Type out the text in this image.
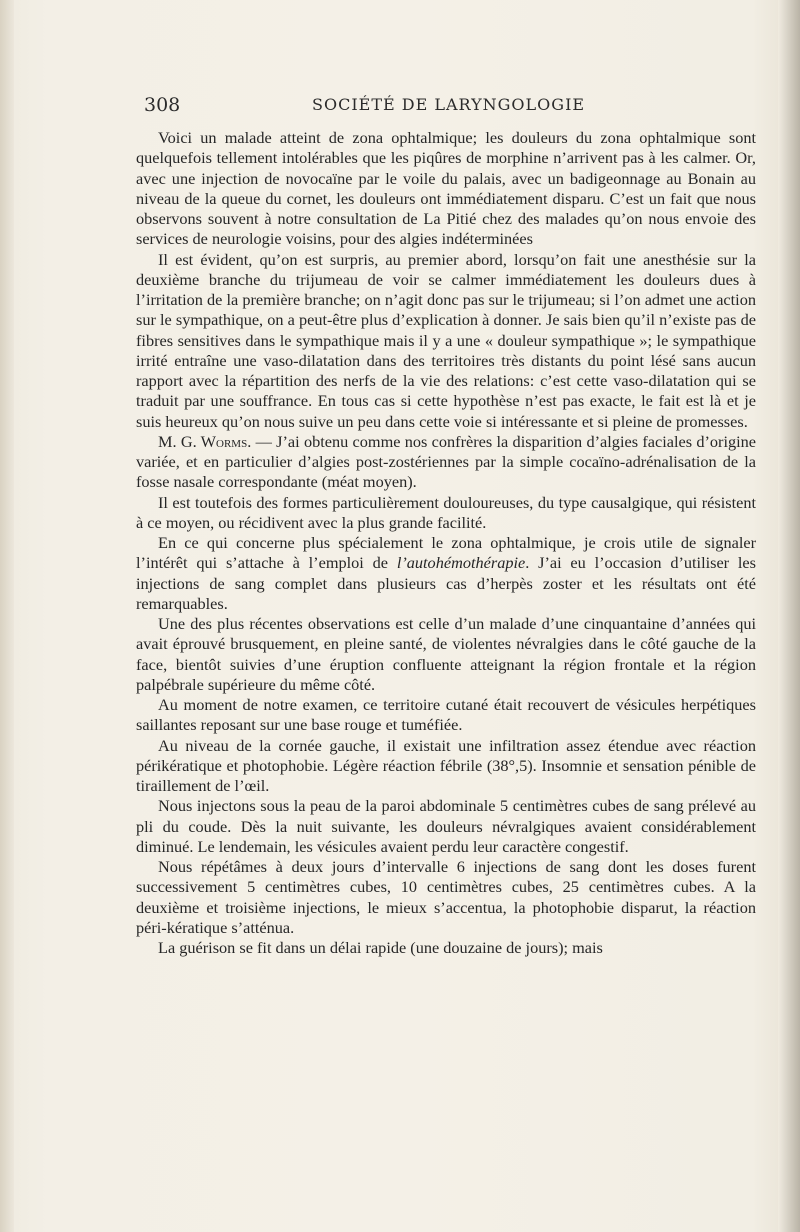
308	SOCIÉTÉ DE LARYNGOLOGIE

Voici un malade atteint de zona ophtalmique; les douleurs du zona ophtalmique sont quelquefois tellement intolérables que les piqûres de morphine n’arrivent pas à les calmer. Or, avec une injection de novocaïne par le voile du palais, avec un badigeonnage au Bonain au niveau de la queue du cornet, les douleurs ont immédiatement disparu. C’est un fait que nous observons souvent à notre consultation de La Pitié chez des malades qu’on nous envoie des services de neurologie voisins, pour des algies indéterminées

Il est évident, qu’on est surpris, au premier abord, lorsqu’on fait une anesthésie sur la deuxième branche du trijumeau de voir se calmer immédiatement les douleurs dues à l’irritation de la première branche; on n’agit donc pas sur le trijumeau; si l’on admet une action sur le sympathique, on a peut-être plus d’explication à donner. Je sais bien qu’il n’existe pas de fibres sensitives dans le sympathique mais il y a une « douleur sympathique »; le sympathique irrité entraîne une vaso-dilatation dans des territoires très distants du point lésé sans aucun rapport avec la répartition des nerfs de la vie des relations: c’est cette vaso-dilatation qui se traduit par une souffrance. En tous cas si cette hypothèse n’est pas exacte, le fait est là et je suis heureux qu’on nous suive un peu dans cette voie si intéressante et si pleine de promesses.

M. G. Worms. — J’ai obtenu comme nos confrères la disparition d’algies faciales d’origine variée, et en particulier d’algies post-zostériennes par la simple cocaïno-adrénalisation de la fosse nasale correspondante (méat moyen).

Il est toutefois des formes particulièrement douloureuses, du type causalgique, qui résistent à ce moyen, ou récidivent avec la plus grande facilité.

En ce qui concerne plus spécialement le zona ophtalmique, je crois utile de signaler l’intérêt qui s’attache à l’emploi de l’autohémothérapie. J’ai eu l’occasion d’utiliser les injections de sang complet dans plusieurs cas d’herpès zoster et les résultats ont été remarquables.

Une des plus récentes observations est celle d’un malade d’une cinquantaine d’années qui avait éprouvé brusquement, en pleine santé, de violentes névralgies dans le côté gauche de la face, bientôt suivies d’une éruption confluente atteignant la région frontale et la région palpébrale supérieure du même côté.

Au moment de notre examen, ce territoire cutané était recouvert de vésicules herpétiques saillantes reposant sur une base rouge et tuméfiée.

Au niveau de la cornée gauche, il existait une infiltration assez étendue avec réaction périkératique et photophobie. Légère réaction fébrile (38°,5). Insomnie et sensation pénible de tiraillement de l’œil.

Nous injectons sous la peau de la paroi abdominale 5 centimètres cubes de sang prélevé au pli du coude. Dès la nuit suivante, les douleurs névralgiques avaient considérablement diminué. Le lendemain, les vésicules avaient perdu leur caractère congestif.

Nous répétâmes à deux jours d’intervalle 6 injections de sang dont les doses furent successivement 5 centimètres cubes, 10 centimètres cubes, 25 centimètres cubes. A la deuxième et troisième injections, le mieux s’accentua, la photophobie disparut, la réaction péri-kératique s’atténua.

La guérison se fit dans un délai rapide (une douzaine de jours); mais
